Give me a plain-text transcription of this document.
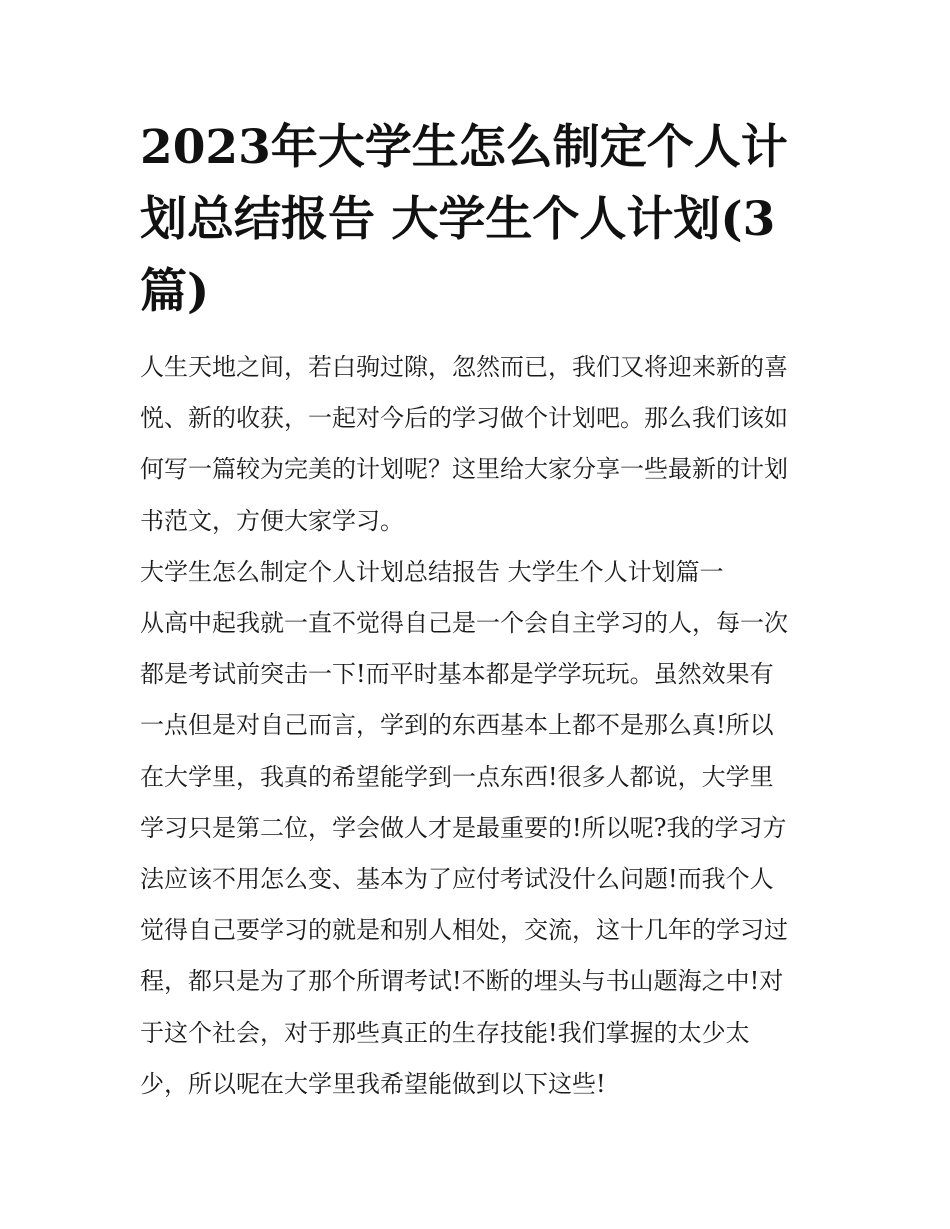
2023年大学生怎么制定个人计
划总结报告 大学生个人计划(3
篇)
人生天地之间，若白驹过隙，忽然而已，我们又将迎来新的喜
悦、新的收获，一起对今后的学习做个计划吧。那么我们该如
何写一篇较为完美的计划呢？这里给大家分享一些最新的计划
书范文，方便大家学习。
大学生怎么制定个人计划总结报告 大学生个人计划篇一
从高中起我就一直不觉得自己是一个会自主学习的人，每一次
都是考试前突击一下!而平时基本都是学学玩玩。虽然效果有
一点但是对自己而言，学到的东西基本上都不是那么真!所以
在大学里，我真的希望能学到一点东西!很多人都说，大学里
学习只是第二位，学会做人才是最重要的!所以呢?我的学习方
法应该不用怎么变、基本为了应付考试没什么问题!而我个人
觉得自己要学习的就是和别人相处，交流，这十几年的学习过
程，都只是为了那个所谓考试!不断的埋头与书山题海之中!对
于这个社会，对于那些真正的生存技能!我们掌握的太少太
少，所以呢在大学里我希望能做到以下这些!
